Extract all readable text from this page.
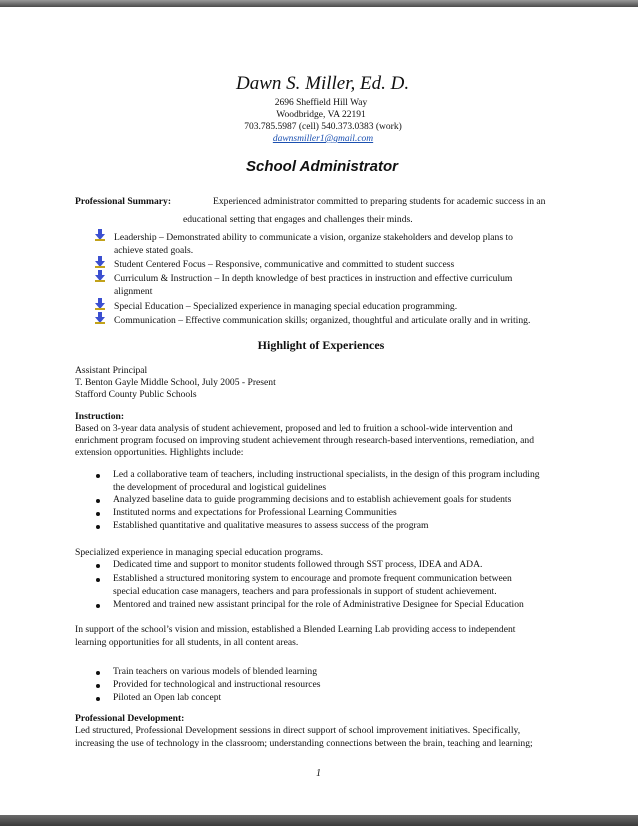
Dawn S. Miller, Ed. D.
2696 Sheffield Hill Way
Woodbridge, VA 22191
703.785.5987 (cell) 540.373.0383 (work)
dawnsmiller1@gmail.com
School Administrator
Professional Summary:	Experienced administrator committed to preparing students for academic success in an
educational setting that engages and challenges their minds.
Leadership – Demonstrated ability to communicate a vision, organize stakeholders and develop plans to
achieve stated goals.
Student Centered Focus – Responsive, communicative and committed to student success
Curriculum & Instruction – In depth knowledge of best practices in instruction and effective curriculum
alignment
Special Education – Specialized experience in managing special education programming.
Communication – Effective communication skills; organized, thoughtful and articulate orally and in writing.
Highlight of Experiences
Assistant Principal
T. Benton Gayle Middle School, July 2005 - Present
Stafford County Public Schools
Instruction:
Based on 3-year data analysis of student achievement, proposed and led to fruition a school-wide intervention and
enrichment program focused on improving student achievement through research-based interventions, remediation, and
extension opportunities. Highlights include:
Led a collaborative team of teachers, including instructional specialists, in the design of this program including
the development of procedural and logistical guidelines
Analyzed baseline data to guide programming decisions and to establish achievement goals for students
Instituted norms and expectations for Professional Learning Communities
Established quantitative and qualitative measures to assess success of the program
Specialized experience in managing special education programs.
Dedicated time and support to monitor students followed through SST process, IDEA and ADA.
Established a structured monitoring system to encourage and promote frequent communication between
special education case managers, teachers and para professionals in support of student achievement.
Mentored and trained new assistant principal for the role of Administrative Designee for Special Education
In support of the school’s vision and mission, established a Blended Learning Lab providing access to independent
learning opportunities for all students, in all content areas.
Train teachers on various models of blended learning
Provided for technological and instructional resources
Piloted an Open lab concept
Professional Development:
Led structured, Professional Development sessions in direct support of school improvement initiatives. Specifically,
increasing the use of technology in the classroom; understanding connections between the brain, teaching and learning;
1
